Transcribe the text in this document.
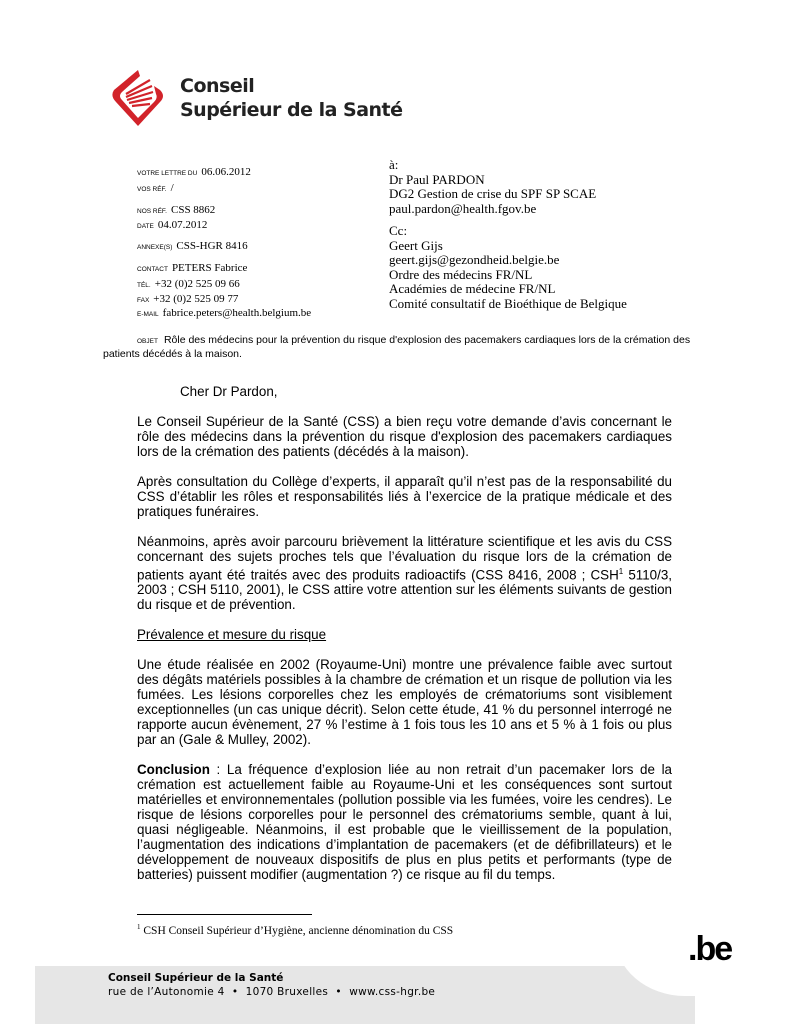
Conseil
Supérieur de la Santé
VOTRE LETTRE DU 06.06.2012
VOS RÉF. /
NOS RÉF. CSS 8862
DATE 04.07.2012
ANNEXE(S) CSS-HGR 8416
CONTACT PETERS Fabrice
TÉL. +32 (0)2 525 09 66
FAX +32 (0)2 525 09 77
E-MAIL fabrice.peters@health.belgium.be
à:
Dr Paul PARDON
DG2 Gestion de crise du SPF SP SCAE
paul.pardon@health.fgov.be
Cc:
Geert Gijs
geert.gijs@gezondheid.belgie.be
Ordre des médecins FR/NL
Académies de médecine FR/NL
Comité consultatif de Bioéthique de Belgique
OBJET Rôle des médecins pour la prévention du risque d'explosion des pacemakers cardiaques lors de la crémation des patients décédés à la maison.

Cher Dr Pardon,

Le Conseil Supérieur de la Santé (CSS) a bien reçu votre demande d’avis concernant le rôle des médecins dans la prévention du risque d'explosion des pacemakers cardiaques lors de la crémation des patients (décédés à la maison).

Après consultation du Collège d’experts, il apparaît qu’il n’est pas de la responsabilité du CSS d’établir les rôles et responsabilités liés à l’exercice de la pratique médicale et des pratiques funéraires.

Néanmoins, après avoir parcouru brièvement la littérature scientifique et les avis du CSS concernant des sujets proches tels que l’évaluation du risque lors de la crémation de patients ayant été traités avec des produits radioactifs (CSS 8416, 2008 ; CSH$^1$ 5110/3, 2003 ; CSH 5110, 2001), le CSS attire votre attention sur les éléments suivants de gestion du risque et de prévention.

Prévalence et mesure du risque

Une étude réalisée en 2002 (Royaume-Uni) montre une prévalence faible avec surtout des dégâts matériels possibles à la chambre de crémation et un risque de pollution via les fumées. Les lésions corporelles chez les employés de crématoriums sont visiblement exceptionnelles (un cas unique décrit). Selon cette étude, 41 % du personnel interrogé ne rapporte aucun évènement, 27 % l’estime à 1 fois tous les 10 ans et 5 % à 1 fois ou plus par an (Gale & Mulley, 2002).

Conclusion : La fréquence d’explosion liée au non retrait d’un pacemaker lors de la crémation est actuellement faible au Royaume-Uni et les conséquences sont surtout matérielles et environnementales (pollution possible via les fumées, voire les cendres). Le risque de lésions corporelles pour le personnel des crématoriums semble, quant à lui, quasi négligeable. Néanmoins, il est probable que le vieillissement de la population, l’augmentation des indications d’implantation de pacemakers (et de défibrillateurs) et le développement de nouveaux dispositifs de plus en plus petits et performants (type de batteries) puissent modifier (augmentation ?) ce risque au fil du temps.

$^1$ CSH Conseil Supérieur d’Hygiène, ancienne dénomination du CSS
Conseil Supérieur de la Santé
rue de l’Autonomie 4  •  1070 Bruxelles  •  www.css-hgr.be
.be
